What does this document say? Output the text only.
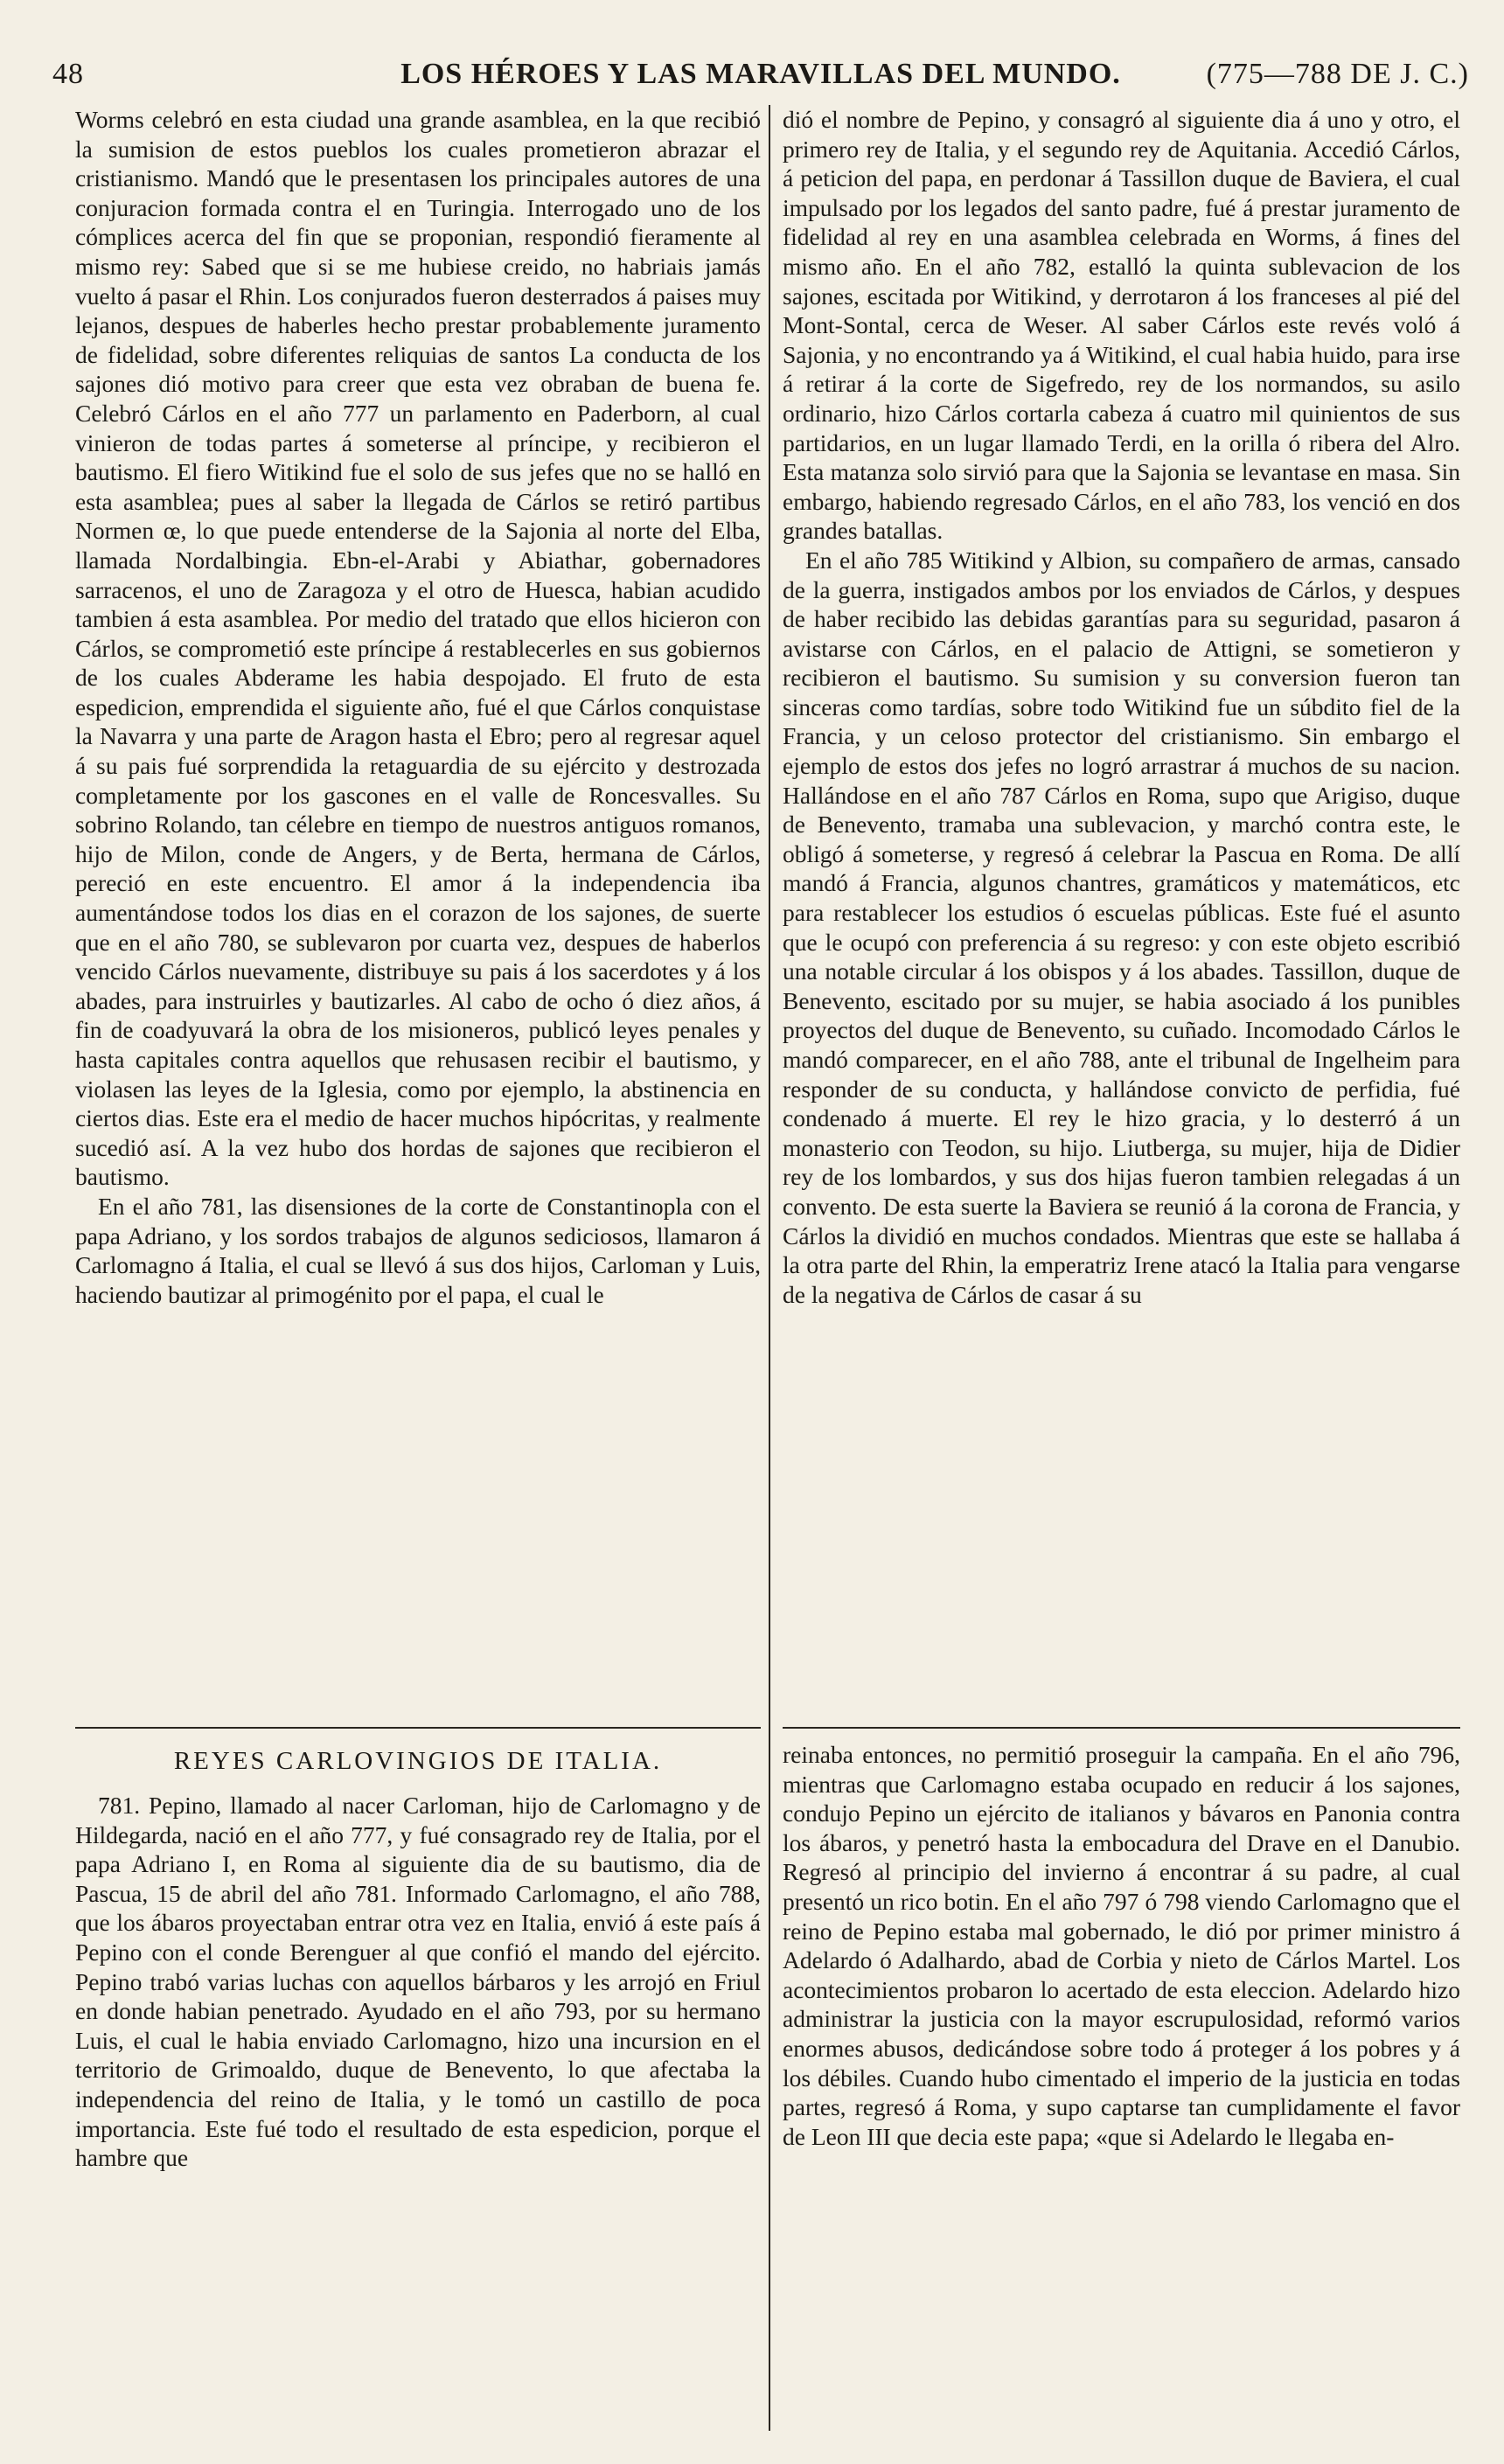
48	LOS HÉROES Y LAS MARAVILLAS DEL MUNDO.	(775—788 DE J. C.)

Worms celebró en esta ciudad una grande asamblea, en la que recibió la sumision de estos pueblos los cuales prometieron abrazar el cristianismo. Mandó que le presentasen los principales autores de una conjuracion formada contra el en Turingia. Interrogado uno de los cómplices acerca del fin que se proponian, respondió fieramente al mismo rey: Sabed que si se me hubiese creido, no habriais jamás vuelto á pasar el Rhin. Los conjurados fueron desterrados á paises muy lejanos, despues de haberles hecho prestar probablemente juramento de fidelidad, sobre diferentes reliquias de santos La conducta de los sajones dió motivo para creer que esta vez obraban de buena fe. Celebró Cárlos en el año 777 un parlamento en Paderborn, al cual vinieron de todas partes á someterse al príncipe, y recibieron el bautismo. El fiero Witikind fue el solo de sus jefes que no se halló en esta asamblea; pues al saber la llegada de Cárlos se retiró partibus Normen œ, lo que puede entenderse de la Sajonia al norte del Elba, llamada Nordalbingia. Ebn-el-Arabi y Abiathar, gobernadores sarracenos, el uno de Zaragoza y el otro de Huesca, habian acudido tambien á esta asamblea. Por medio del tratado que ellos hicieron con Cárlos, se comprometió este príncipe á restablecerles en sus gobiernos de los cuales Abderame les habia despojado. El fruto de esta espedicion, emprendida el siguiente año, fué el que Cárlos conquistase la Navarra y una parte de Aragon hasta el Ebro; pero al regresar aquel á su pais fué sorprendida la retaguardia de su ejército y destrozada completamente por los gascones en el valle de Roncesvalles. Su sobrino Rolando, tan célebre en tiempo de nuestros antiguos romanos, hijo de Milon, conde de Angers, y de Berta, hermana de Cárlos, pereció en este encuentro. El amor á la independencia iba aumentándose todos los dias en el corazon de los sajones, de suerte que en el año 780, se sublevaron por cuarta vez, despues de haberlos vencido Cárlos nuevamente, distribuye su pais á los sacerdotes y á los abades, para instruirles y bautizarles. Al cabo de ocho ó diez años, á fin de coadyuvará la obra de los misioneros, publicó leyes penales y hasta capitales contra aquellos que rehusasen recibir el bautismo, y violasen las leyes de la Iglesia, como por ejemplo, la abstinencia en ciertos dias. Este era el medio de hacer muchos hipócritas, y realmente sucedió así. A la vez hubo dos hordas de sajones que recibieron el bautismo.

En el año 781, las disensiones de la corte de Constantinopla con el papa Adriano, y los sordos trabajos de algunos sediciosos, llamaron á Carlomagno á Italia, el cual se llevó á sus dos hijos, Carloman y Luis, haciendo bautizar al primogénito por el papa, el cual le

REYES CARLOVINGIOS DE ITALIA.

781. Pepino, llamado al nacer Carloman, hijo de Carlomagno y de Hildegarda, nació en el año 777, y fué consagrado rey de Italia, por el papa Adriano I, en Roma al siguiente dia de su bautismo, dia de Pascua, 15 de abril del año 781. Informado Carlomagno, el año 788, que los ábaros proyectaban entrar otra vez en Italia, envió á este país á Pepino con el conde Berenguer al que confió el mando del ejército. Pepino trabó varias luchas con aquellos bárbaros y les arrojó en Friul en donde habian penetrado. Ayudado en el año 793, por su hermano Luis, el cual le habia enviado Carlomagno, hizo una incursion en el territorio de Grimoaldo, duque de Benevento, lo que afectaba la independencia del reino de Italia, y le tomó un castillo de poca importancia. Este fué todo el resultado de esta espedicion, porque el hambre que

dió el nombre de Pepino, y consagró al siguiente dia á uno y otro, el primero rey de Italia, y el segundo rey de Aquitania. Accedió Cárlos, á peticion del papa, en perdonar á Tassillon duque de Baviera, el cual impulsado por los legados del santo padre, fué á prestar juramento de fidelidad al rey en una asamblea celebrada en Worms, á fines del mismo año. En el año 782, estalló la quinta sublevacion de los sajones, escitada por Witikind, y derrotaron á los franceses al pié del Mont-Sontal, cerca de Weser. Al saber Cárlos este revés voló á Sajonia, y no encontrando ya á Witikind, el cual habia huido, para irse á retirar á la corte de Sigefredo, rey de los normandos, su asilo ordinario, hizo Cárlos cortarla cabeza á cuatro mil quinientos de sus partidarios, en un lugar llamado Terdi, en la orilla ó ribera del Alro. Esta matanza solo sirvió para que la Sajonia se levantase en masa. Sin embargo, habiendo regresado Cárlos, en el año 783, los venció en dos grandes batallas.

En el año 785 Witikind y Albion, su compañero de armas, cansado de la guerra, instigados ambos por los enviados de Cárlos, y despues de haber recibido las debidas garantías para su seguridad, pasaron á avistarse con Cárlos, en el palacio de Attigni, se sometieron y recibieron el bautismo. Su sumision y su conversion fueron tan sinceras como tardías, sobre todo Witikind fue un súbdito fiel de la Francia, y un celoso protector del cristianismo. Sin embargo el ejemplo de estos dos jefes no logró arrastrar á muchos de su nacion. Hallándose en el año 787 Cárlos en Roma, supo que Arigiso, duque de Benevento, tramaba una sublevacion, y marchó contra este, le obligó á someterse, y regresó á celebrar la Pascua en Roma. De allí mandó á Francia, algunos chantres, gramáticos y matemáticos, etc para restablecer los estudios ó escuelas públicas. Este fué el asunto que le ocupó con preferencia á su regreso: y con este objeto escribió una notable circular á los obispos y á los abades. Tassillon, duque de Benevento, escitado por su mujer, se habia asociado á los punibles proyectos del duque de Benevento, su cuñado. Incomodado Cárlos le mandó comparecer, en el año 788, ante el tribunal de Ingelheim para responder de su conducta, y hallándose convicto de perfidia, fué condenado á muerte. El rey le hizo gracia, y lo desterró á un monasterio con Teodon, su hijo. Liutberga, su mujer, hija de Didier rey de los lombardos, y sus dos hijas fueron tambien relegadas á un convento. De esta suerte la Baviera se reunió á la corona de Francia, y Cárlos la dividió en muchos condados. Mientras que este se hallaba á la otra parte del Rhin, la emperatriz Irene atacó la Italia para vengarse de la negativa de Cárlos de casar á su

reinaba entonces, no permitió proseguir la campaña. En el año 796, mientras que Carlomagno estaba ocupado en reducir á los sajones, condujo Pepino un ejército de italianos y bávaros en Panonia contra los ábaros, y penetró hasta la embocadura del Drave en el Danubio. Regresó al principio del invierno á encontrar á su padre, al cual presentó un rico botin. En el año 797 ó 798 viendo Carlomagno que el reino de Pepino estaba mal gobernado, le dió por primer ministro á Adelardo ó Adalhardo, abad de Corbia y nieto de Cárlos Martel. Los acontecimientos probaron lo acertado de esta eleccion. Adelardo hizo administrar la justicia con la mayor escrupulosidad, reformó varios enormes abusos, dedicándose sobre todo á proteger á los pobres y á los débiles. Cuando hubo cimentado el imperio de la justicia en todas partes, regresó á Roma, y supo captarse tan cumplidamente el favor de Leon III que decia este papa; «que si Adelardo le llegaba en-
